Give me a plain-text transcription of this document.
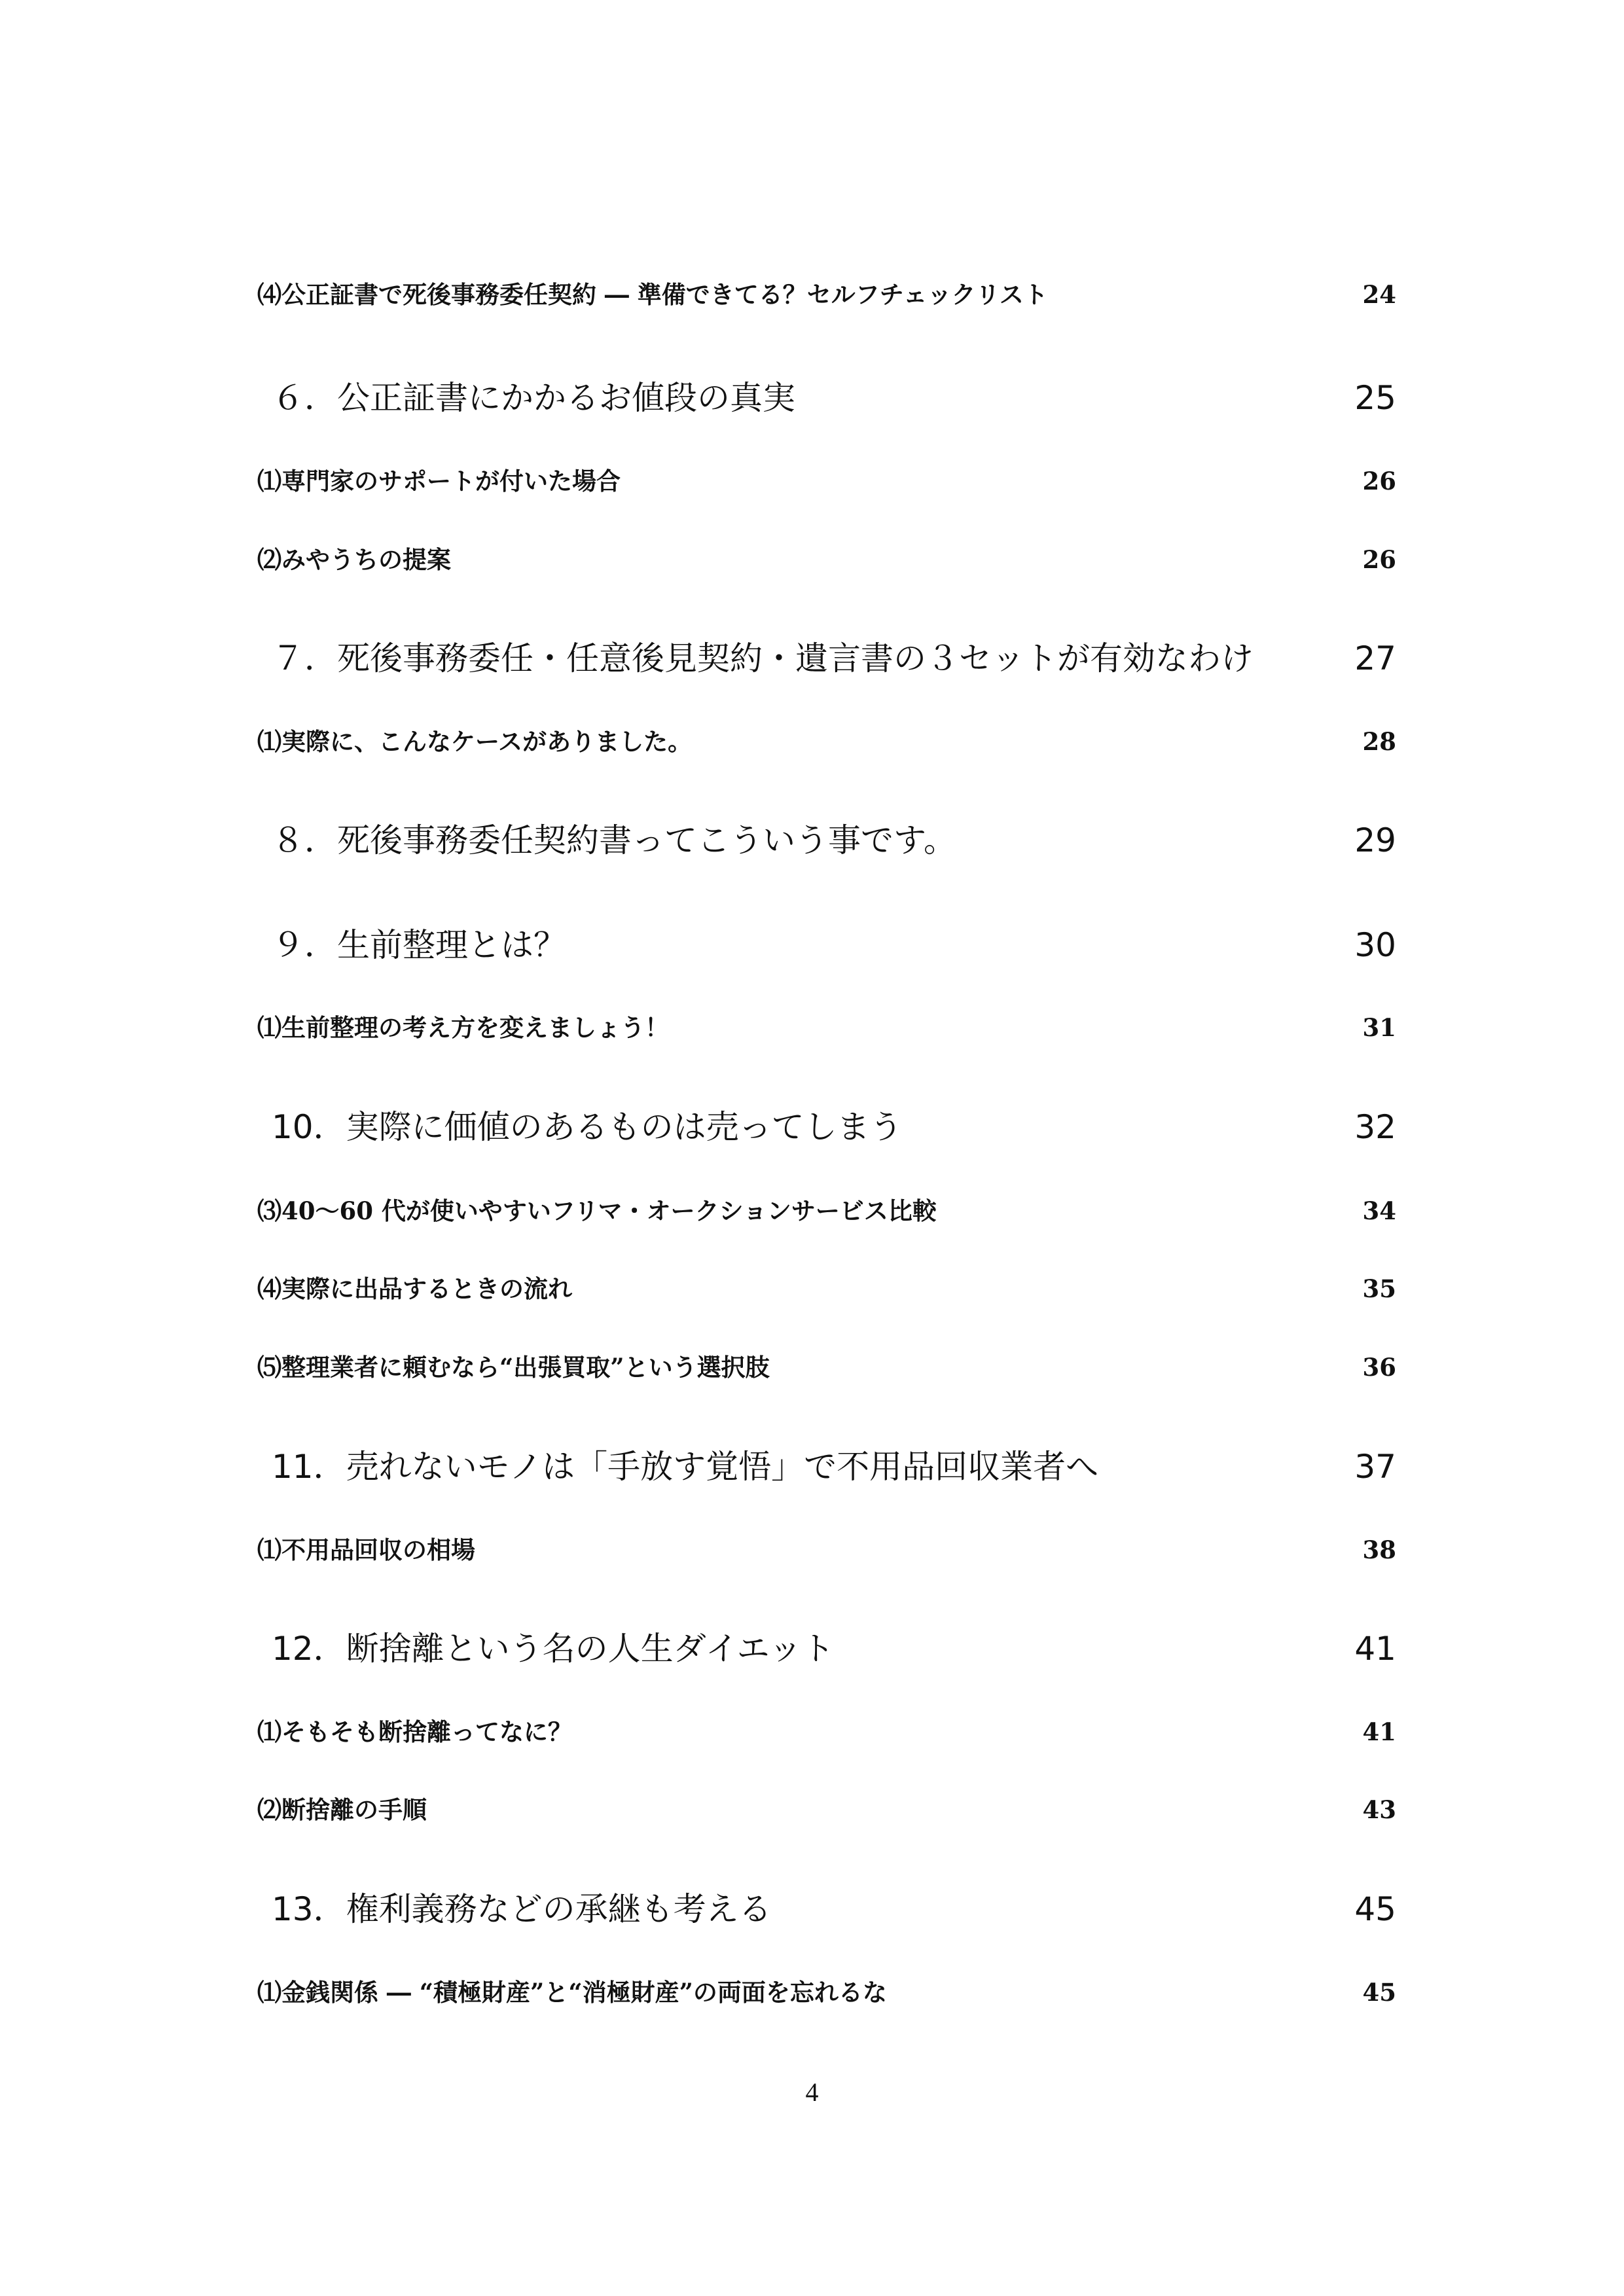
⑷公正証書で死後事務委任契約 ― 準備できてる？セルフチェックリスト	24
６．公正証書にかかるお値段の真実	25
⑴専門家のサポートが付いた場合	26
⑵みやうちの提案	26
７．死後事務委任・任意後見契約・遺言書の３セットが有効なわけ	27
⑴実際に、こんなケースがありました。	28
８．死後事務委任契約書ってこういう事です。	29
９．生前整理とは？	30
⑴生前整理の考え方を変えましょう！	31
10．実際に価値のあるものは売ってしまう	32
⑶40〜60 代が使いやすいフリマ・オークションサービス比較	34
⑷実際に出品するときの流れ	35
⑸整理業者に頼むなら“出張買取”という選択肢	36
11．売れないモノは「手放す覚悟」で不用品回収業者へ	37
⑴不用品回収の相場	38
12．断捨離という名の人生ダイエット	41
⑴そもそも断捨離ってなに？	41
⑵断捨離の手順	43
13．権利義務などの承継も考える	45
⑴金銭関係 ― “積極財産”と“消極財産”の両面を忘れるな	45
4
